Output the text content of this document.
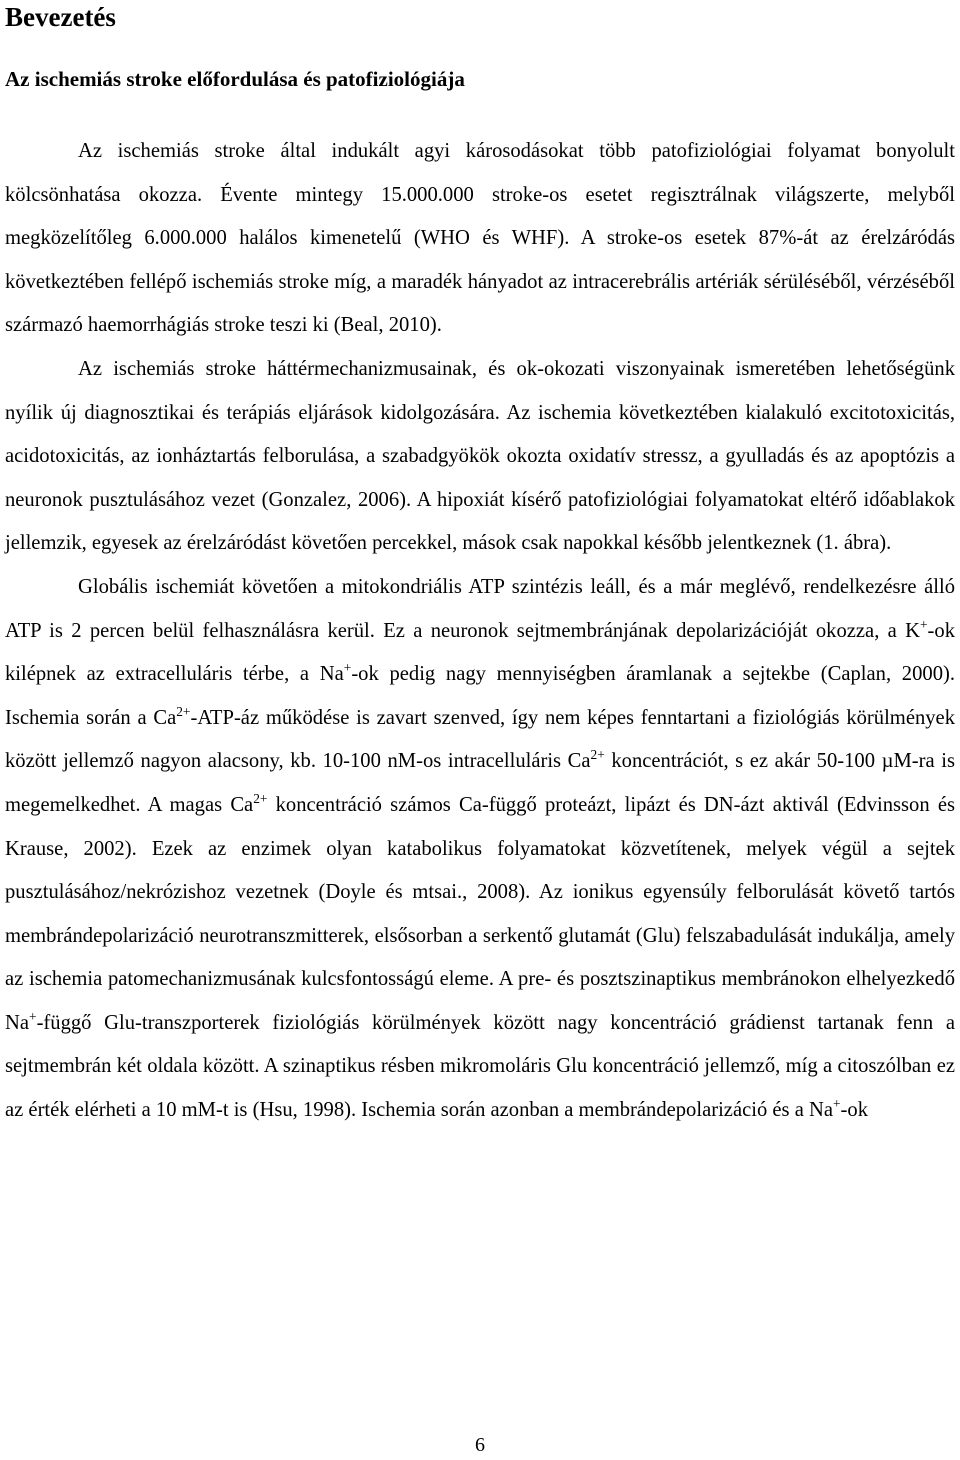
Bevezetés
Az ischemiás stroke előfordulása és patofiziológiája

Az ischemiás stroke által indukált agyi károsodásokat több patofiziológiai folyamat bonyolult kölcsönhatása okozza. Évente mintegy 15.000.000 stroke-os esetet regisztrálnak világszerte, melyből megközelítőleg 6.000.000 halálos kimenetelű (WHO és WHF). A stroke-os esetek 87%-át az érelzáródás következtében fellépő ischemiás stroke míg, a maradék hányadot az intracerebrális artériák sérüléséből, vérzéséből származó haemorrhágiás stroke teszi ki (Beal, 2010).

Az ischemiás stroke háttérmechanizmusainak, és ok-okozati viszonyainak ismeretében lehetőségünk nyílik új diagnosztikai és terápiás eljárások kidolgozására. Az ischemia következtében kialakuló excitotoxicitás, acidotoxicitás, az ionháztartás felborulása, a szabadgyökök okozta oxidatív stressz, a gyulladás és az apoptózis a neuronok pusztulásához vezet (Gonzalez, 2006). A hipoxiát kísérő patofiziológiai folyamatokat eltérő időablakok jellemzik, egyesek az érelzáródást követően percekkel, mások csak napokkal később jelentkeznek (1. ábra).

Globális ischemiát követően a mitokondriális ATP szintézis leáll, és a már meglévő, rendelkezésre álló ATP is 2 percen belül felhasználásra kerül. Ez a neuronok sejtmembránjának depolarizációját okozza, a K+-ok kilépnek az extracelluláris térbe, a Na+-ok pedig nagy mennyiségben áramlanak a sejtekbe (Caplan, 2000). Ischemia során a $Ca^{2+}-ATP-áz$ működése is zavart szenved, így nem képes fenntartani a fiziológiás körülmények között jellemző nagyon alacsony, kb. 10-100 nM-os intracelluláris $Ca^{2+}$ koncentrációt, s ez akár 50-100 µM-ra is megemelkedhet. A magas $Ca^{2+}$ koncentráció számos Ca-függő proteázt, lipázt és DN-ázt aktivál (Edvinsson és Krause, 2002). Ezek az enzimek olyan katabolikus folyamatokat közvetítenek, melyek végül a sejtek pusztulásához/nekrózishoz vezetnek (Doyle és mtsai., 2008). Az ionikus egyensúly felborulását követő tartós membrándepolarizáció neurotranszmitterek, elsősorban a serkentő glutamát (Glu) felszabadulását indukálja, amely az ischemia patomechanizmusának kulcsfontosságú eleme. A pre- és posztszinaptikus membránokon elhelyezkedő Na+-függő Glu-transzporterek fiziológiás körülmények között nagy koncentráció grádienst tartanak fenn a sejtmembrán két oldala között. A szinaptikus résben mikromoláris Glu koncentráció jellemző, míg a citoszólban ez az érték elérheti a 10 mM-t is (Hsu, 1998). Ischemia során azonban a membrándepolarizáció és a Na+-ok

6
